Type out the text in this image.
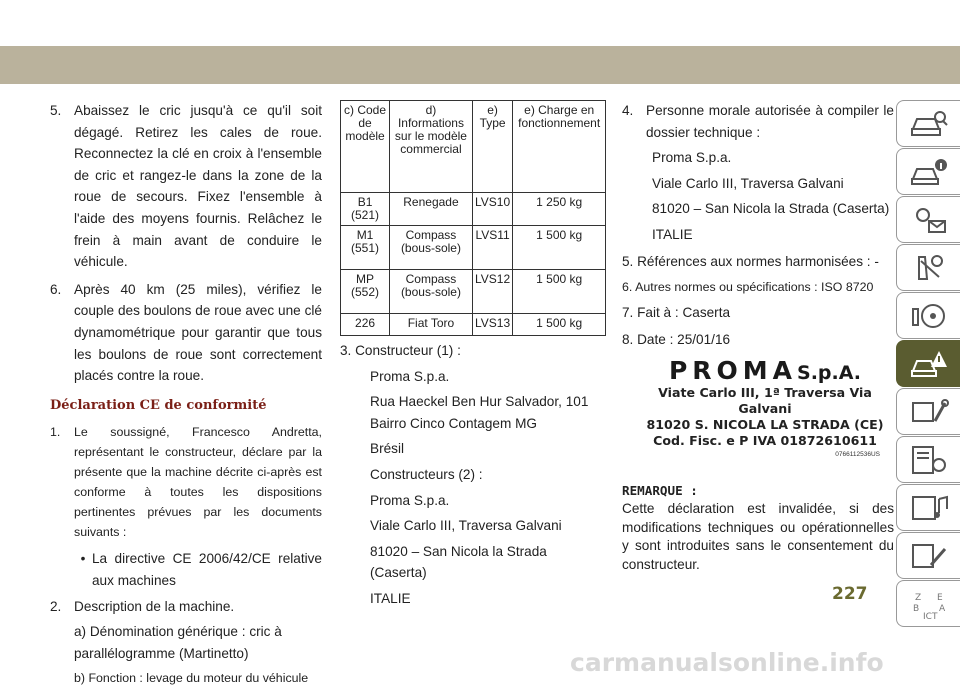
5. Abaissez le cric jusqu'à ce qu'il soit dégagé. Retirez les cales de roue. Reconnectez la clé en croix à l'ensemble de cric et rangez-le dans la zone de la roue de secours. Fixez l'ensemble à l'aide des moyens fournis. Relâchez le frein à main avant de conduire le véhicule.
6. Après 40 km (25 miles), vérifiez le couple des boulons de roue avec une clé dynamométrique pour garantir que tous les boulons de roue sont correctement placés contre la roue.
Déclaration CE de conformité
1.	Le soussigné, Francesco Andretta, représentant le constructeur, déclare par la présente que la machine décrite ci-après est conforme à toutes les dispositions pertinentes prévues par les documents suivants :
• La directive CE 2006/42/CE relative aux machines
2. Description de la machine.
a) Dénomination générique : cric à parallélogramme (Martinetto)
b) Fonction : levage du moteur du véhicule
c) Code de modèle	d) Informations sur le modèle commercial	e) Type	e) Charge en fonctionnement
B1 (521)	Renegade	LVS10	1 250 kg
M1 (551)	Compass (bous-sole)	LVS11	1 500 kg
MP (552)	Compass (bous-sole)	LVS12	1 500 kg
226	Fiat Toro	LVS13	1 500 kg
3. Constructeur (1) :
Proma S.p.a.
Rua Haeckel Ben Hur Salvador, 101 Bairro Cinco Contagem MG
Brésil
Constructeurs (2) :
Proma S.p.a.
Viale Carlo III, Traversa Galvani
81020 – San Nicola la Strada (Caserta)
ITALIE
4. Personne morale autorisée à compiler le dossier technique :
Proma S.p.a.
Viale Carlo III, Traversa Galvani
81020 – San Nicola la Strada (Caserta)
ITALIE
5. Références aux normes harmonisées : -
6. Autres normes ou spécifications : ISO 8720
7. Fait à : Caserta
8. Date : 25/01/16
PROMAS.p.A.
Viate Carlo III, 1ª Traversa Via Galvani
81020 S. NICOLA LA STRADA (CE)
Cod. Fisc. e P IVA 01872610611
0766112536US
REMARQUE :
Cette déclaration est invalidée, si des modifications techniques ou opérationnelles y sont introduites sans le consentement du constructeur.
Z E
B A
ICT
227
carmanualsonline.info
